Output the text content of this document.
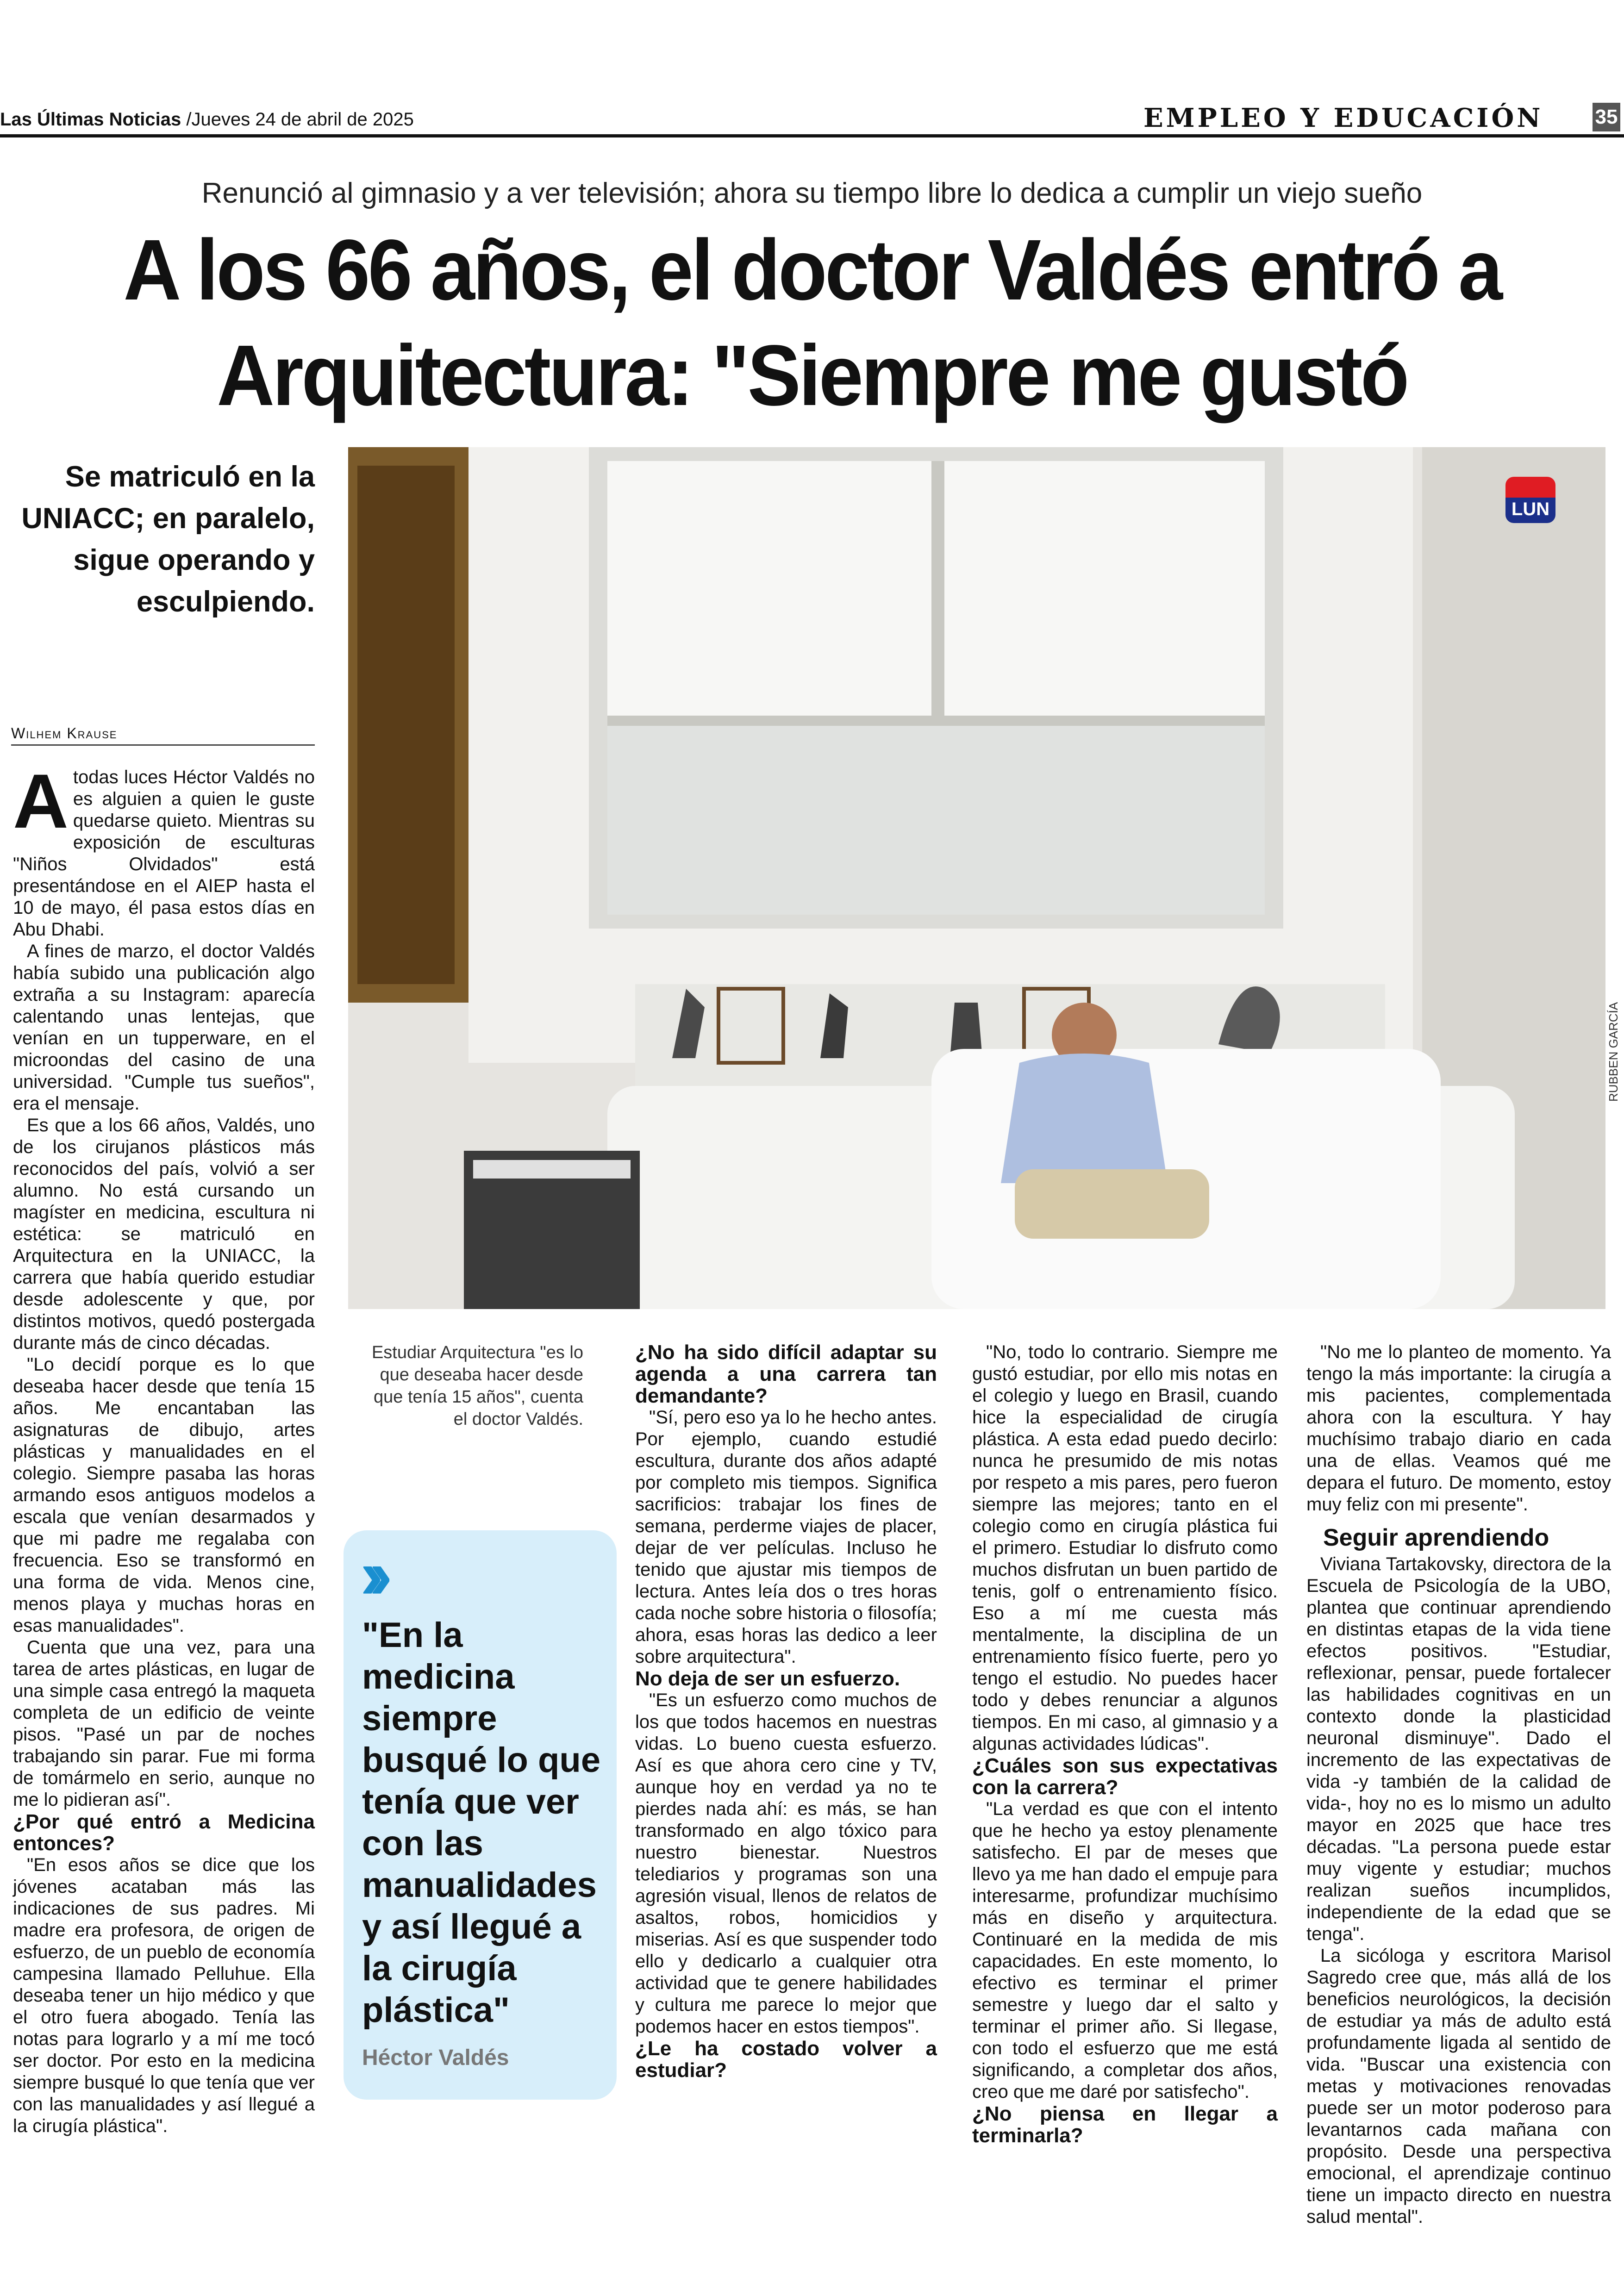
Las Últimas Noticias /Jueves 24 de abril de 2025	EMPLEO Y EDUCACIÓN	35
Renunció al gimnasio y a ver televisión; ahora su tiempo libre lo dedica a cumplir un viejo sueño
A los 66 años, el doctor Valdés entró a
Arquitectura: "Siempre me gustó
Se matriculó en la UNIACC; en paralelo, sigue operando y esculpiendo.
Wilhem Krause
LUN
RUBBEN GARCÍA
Estudiar Arquitectura "es lo que deseaba hacer desde que tenía 15 años", cuenta el doctor Valdés.
››
"En la medicina siempre busqué lo que tenía que ver con las manualidades y así llegué a la cirugía plástica"
Héctor Valdés

Atodas luces Héctor Valdés no es alguien a quien le guste quedarse quieto. Mientras su exposición de esculturas "Niños Olvidados" está presentándose en el AIEP hasta el 10 de mayo, él pasa estos días en Abu Dhabi.

A fines de marzo, el doctor Valdés había subido una publicación algo extraña a su Instagram: aparecía calentando unas lentejas, que venían en un tupperware, en el microondas del casino de una universidad. "Cumple tus sueños", era el mensaje.

Es que a los 66 años, Valdés, uno de los cirujanos plásticos más reconocidos del país, volvió a ser alumno. No está cursando un magíster en medicina, escultura ni estética: se matriculó en Arquitectura en la UNIACC, la carrera que había querido estudiar desde adolescente y que, por distintos motivos, quedó postergada durante más de cinco décadas.

"Lo decidí porque es lo que deseaba hacer desde que tenía 15 años. Me encantaban las asignaturas de dibujo, artes plásticas y manualidades en el colegio. Siempre pasaba las horas armando esos antiguos modelos a escala que venían desarmados y que mi padre me regalaba con frecuencia. Eso se transformó en una forma de vida. Menos cine, menos playa y muchas horas en esas manualidades".

Cuenta que una vez, para una tarea de artes plásticas, en lugar de una simple casa entregó la maqueta completa de un edificio de veinte pisos. "Pasé un par de noches trabajando sin parar. Fue mi forma de tomármelo en serio, aunque no me lo pidieran así".

¿Por qué entró a Medicina entonces?

"En esos años se dice que los jóvenes acataban más las indicaciones de sus padres. Mi madre era profesora, de origen de esfuerzo, de un pueblo de economía campesina llamado Pelluhue. Ella deseaba tener un hijo médico y que el otro fuera abogado. Tenía las notas para lograrlo y a mí me tocó ser doctor. Por esto en la medicina siempre busqué lo que tenía que ver con las manualidades y así llegué a la cirugía plástica".

¿No ha sido difícil adaptar su agenda a una carrera tan demandante?

"Sí, pero eso ya lo he hecho antes. Por ejemplo, cuando estudié escultura, durante dos años adapté por completo mis tiempos. Significa sacrificios: trabajar los fines de semana, perderme viajes de placer, dejar de ver películas. Incluso he tenido que ajustar mis tiempos de lectura. Antes leía dos o tres horas cada noche sobre historia o filosofía; ahora, esas horas las dedico a leer sobre arquitectura".

No deja de ser un esfuerzo.

"Es un esfuerzo como muchos de los que todos hacemos en nuestras vidas. Lo bueno cuesta esfuerzo. Así es que ahora cero cine y TV, aunque hoy en verdad ya no te pierdes nada ahí: es más, se han transformado en algo tóxico para nuestro bienestar. Nuestros telediarios y programas son una agresión visual, llenos de relatos de asaltos, robos, homicidios y miserias. Así es que suspender todo ello y dedicarlo a cualquier otra actividad que te genere habilidades y cultura me parece lo mejor que podemos hacer en estos tiempos".

¿Le ha costado volver a estudiar?

"No, todo lo contrario. Siempre me gustó estudiar, por ello mis notas en el colegio y luego en Brasil, cuando hice la especialidad de cirugía plástica. A esta edad puedo decirlo: nunca he presumido de mis notas por respeto a mis pares, pero fueron siempre las mejores; tanto en el colegio como en cirugía plástica fui el primero. Estudiar lo disfruto como muchos disfrutan un buen partido de tenis, golf o entrenamiento físico. Eso a mí me cuesta más mentalmente, la disciplina de un entrenamiento físico fuerte, pero yo tengo el estudio. No puedes hacer todo y debes renunciar a algunos tiempos. En mi caso, al gimnasio y a algunas actividades lúdicas".

¿Cuáles son sus expectativas con la carrera?

"La verdad es que con el intento que he hecho ya estoy plenamente satisfecho. El par de meses que llevo ya me han dado el empuje para interesarme, profundizar muchísimo más en diseño y arquitectura. Continuaré en la medida de mis capacidades. En este momento, lo efectivo es terminar el primer semestre y luego dar el salto y terminar el primer año. Si llegase, con todo el esfuerzo que me está significando, a completar dos años, creo que me daré por satisfecho".

¿No piensa en llegar a terminarla?

"No me lo planteo de momento. Ya tengo la más importante: la cirugía a mis pacientes, complementada ahora con la escultura. Y hay muchísimo trabajo diario en cada una de ellas. Veamos qué me depara el futuro. De momento, estoy muy feliz con mi presente".

Seguir aprendiendo

Viviana Tartakovsky, directora de la Escuela de Psicología de la UBO, plantea que continuar aprendiendo en distintas etapas de la vida tiene efectos positivos. "Estudiar, reflexionar, pensar, puede fortalecer las habilidades cognitivas en un contexto donde la plasticidad neuronal disminuye". Dado el incremento de las expectativas de vida -y también de la calidad de vida-, hoy no es lo mismo un adulto mayor en 2025 que hace tres décadas. "La persona puede estar muy vigente y estudiar; muchos realizan sueños incumplidos, independiente de la edad que se tenga".

La sicóloga y escritora Marisol Sagredo cree que, más allá de los beneficios neurológicos, la decisión de estudiar ya más de adulto está profundamente ligada al sentido de vida. "Buscar una existencia con metas y motivaciones renovadas puede ser un motor poderoso para levantarnos cada mañana con propósito. Desde una perspectiva emocional, el aprendizaje continuo tiene un impacto directo en nuestra salud mental".
